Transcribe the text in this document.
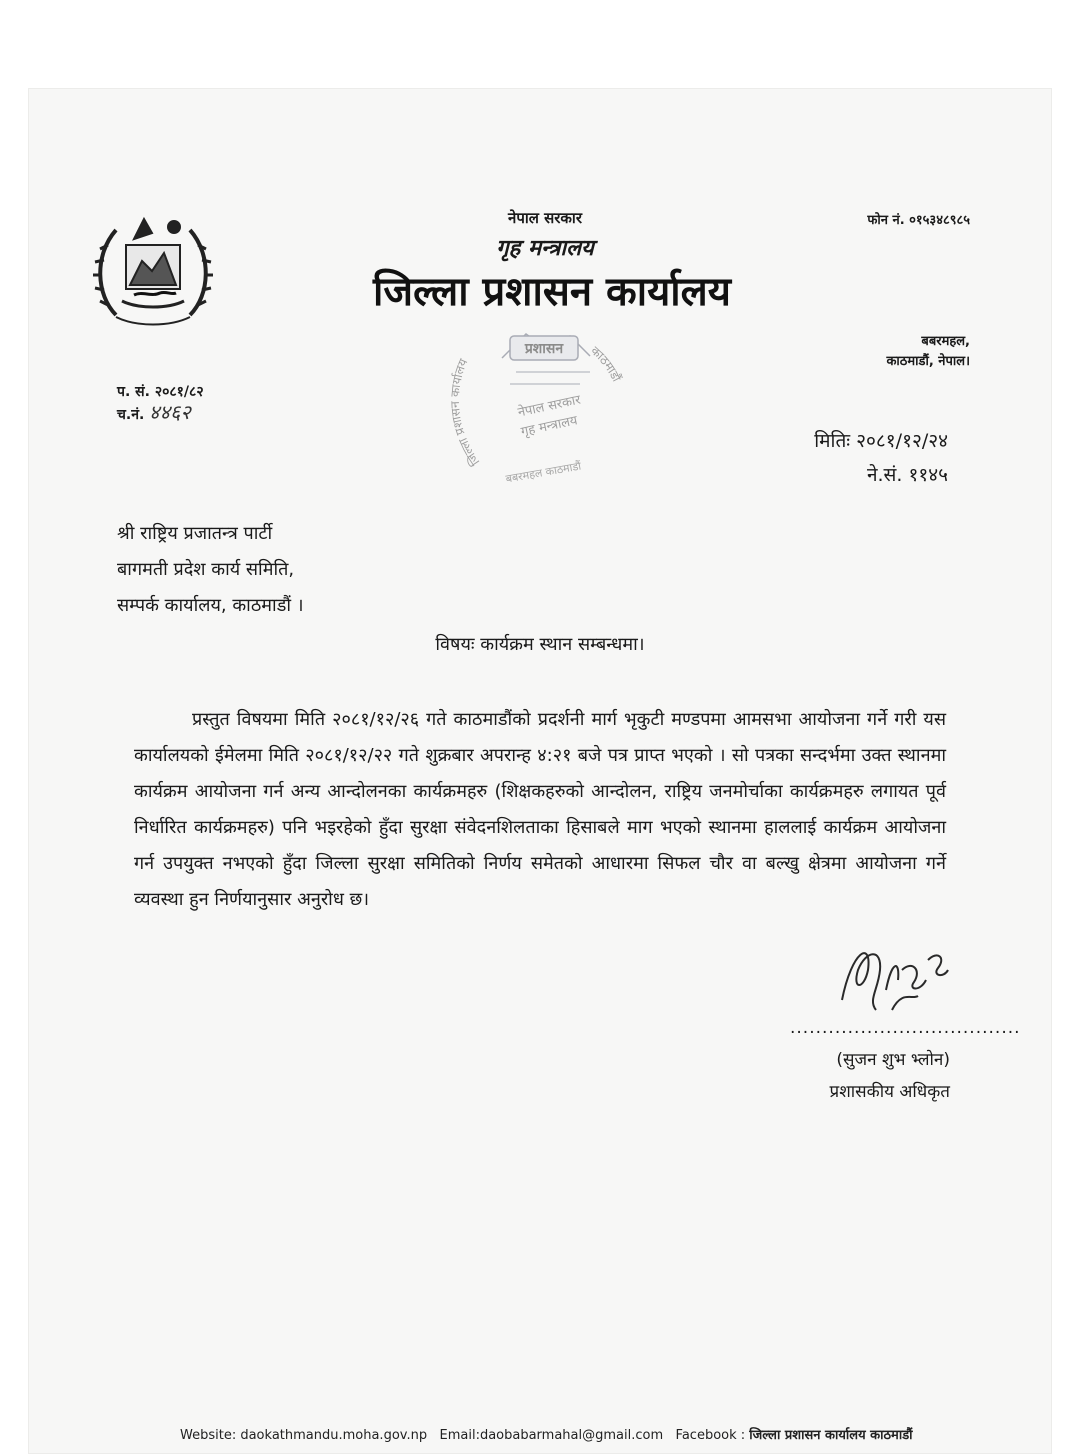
नेपाल सरकार
गृह मन्त्रालय
जिल्ला प्रशासन कार्यालय
फोन नं. ०१५३४८९८५
बबरमहल,
काठमाडौं, नेपाल।
प्रशासन
जिल्ला प्रशासन कार्यालय
काठमाडौं
नेपाल सरकार
गृह मन्त्रालय
बबरमहल काठमाडौं
प. सं. २०८१/८२
च.नं. ४४६२
मितिः २०८१/१२/२४
ने.सं. ११४५
श्री राष्ट्रिय प्रजातन्त्र पार्टी
बागमती प्रदेश कार्य समिति,
सम्पर्क कार्यालय, काठमाडौं ।
विषयः कार्यक्रम स्थान सम्बन्धमा।

प्रस्तुत विषयमा मिति २०८१/१२/२६ गते काठमाडौंको प्रदर्शनी मार्ग भृकुटी मण्डपमा आमसभा आयोजना गर्ने गरी यस कार्यालयको ईमेलमा मिति २०८१/१२/२२ गते शुक्रबार अपरान्ह ४:२१ बजे पत्र प्राप्त भएको । सो पत्रका सन्दर्भमा उक्त स्थानमा कार्यक्रम आयोजना गर्न अन्य आन्दोलनका कार्यक्रमहरु (शिक्षकहरुको आन्दोलन, राष्ट्रिय जनमोर्चाका कार्यक्रमहरु लगायत पूर्व निर्धारित कार्यक्रमहरु) पनि भइरहेको हुँदा सुरक्षा संवेदनशिलताका हिसाबले माग भएको स्थानमा हाललाई कार्यक्रम आयोजना गर्न उपयुक्त नभएको हुँदा जिल्ला सुरक्षा समितिको निर्णय समेतको आधारमा सिफल चौर वा बल्खु क्षेत्रमा आयोजना गर्ने व्यवस्था हुन निर्णयानुसार अनुरोध छ।

....................................
(सुजन शुभ भ्लोन)
प्रशासकीय अधिकृत
Website: daokathmandu.moha.gov.np Email:daobabarmahal@gmail.com Facebook : जिल्ला प्रशासन कार्यालय काठमाडौं
